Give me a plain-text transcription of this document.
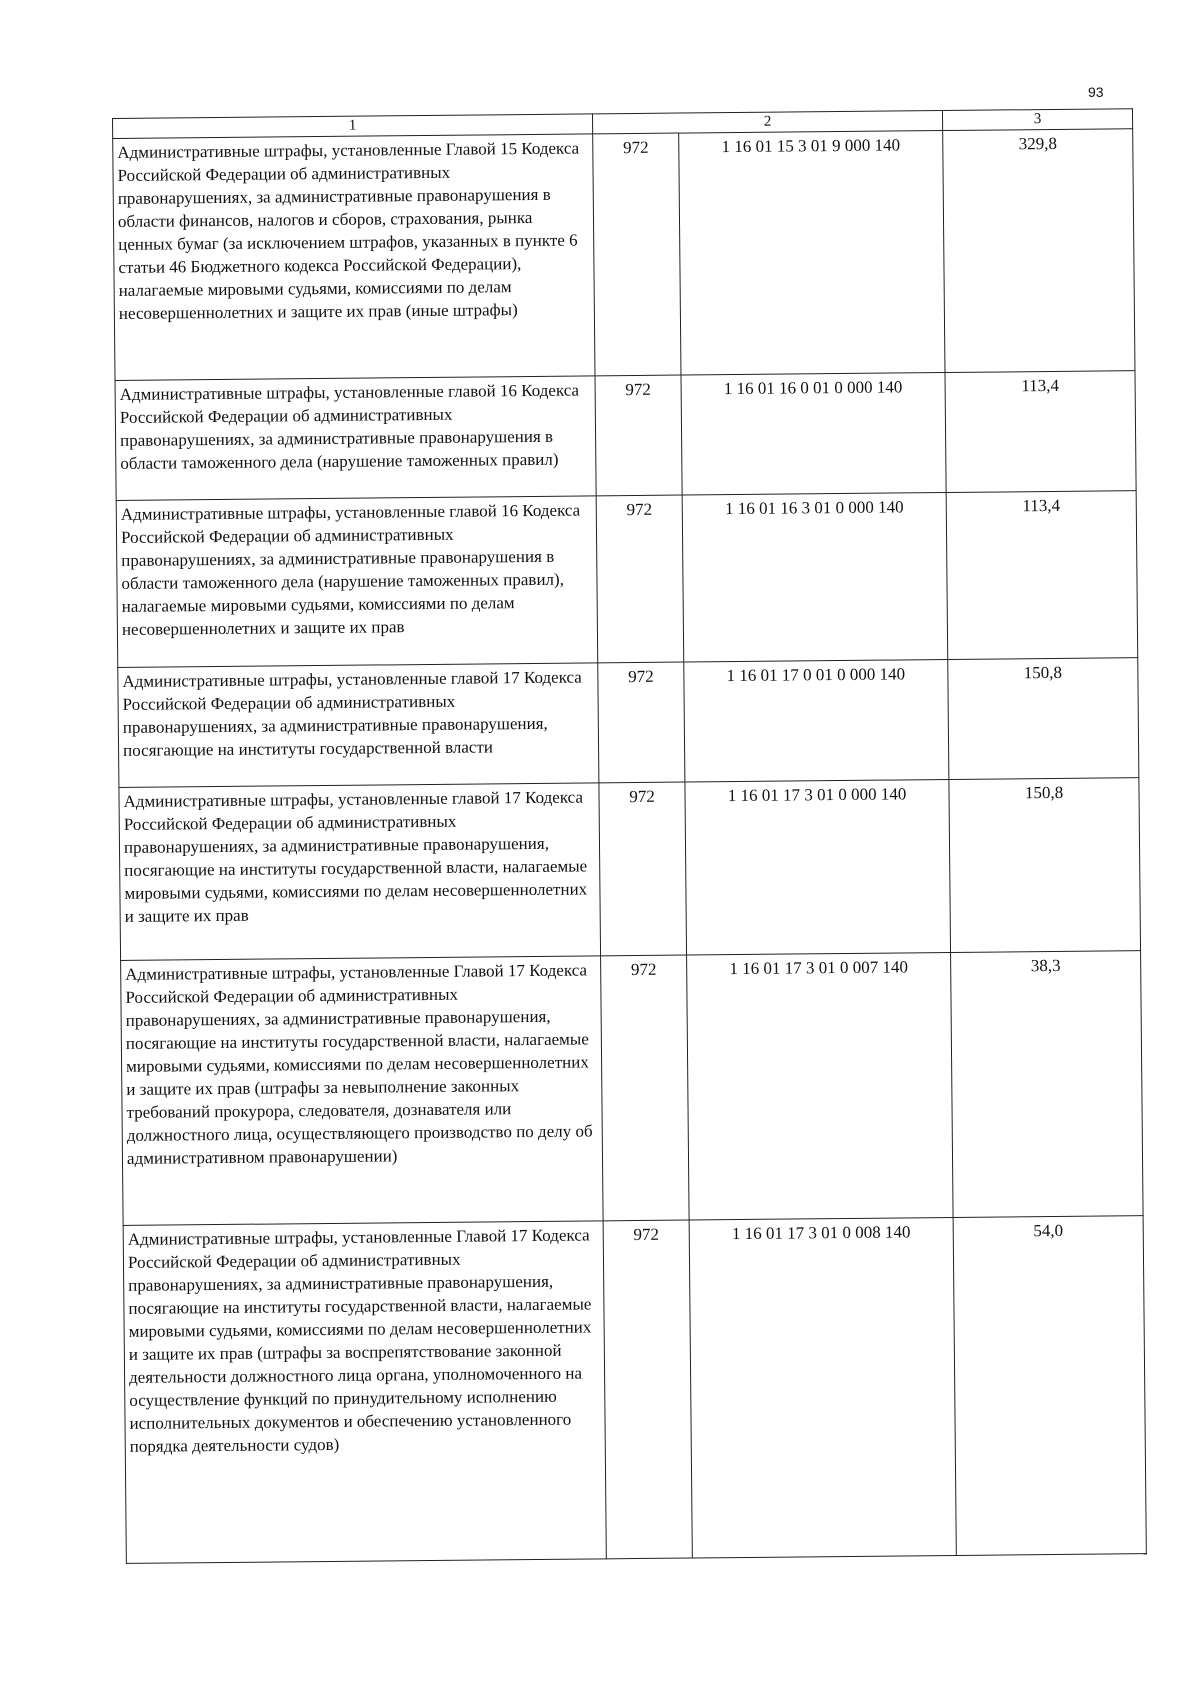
93
1	2		3
Административные штрафы, установленные Главой 15 Кодекса Российской Федерации об административных правонарушениях, за административные правонарушения в области финансов, налогов и сборов, страхования, рынка ценных бумаг (за исключением штрафов, указанных в пункте 6 статьи 46 Бюджетного кодекса Российской Федерации), налагаемые мировыми судьями, комиссиями по делам несовершеннолетних и защите их прав (иные штрафы)	972	1 16 01 15 3 01 9 000 140	329,8
Административные штрафы, установленные главой 16 Кодекса Российской Федерации об административных правонарушениях, за административные правонарушения в области таможенного дела (нарушение таможенных правил)	972	1 16 01 16 0 01 0 000 140	113,4
Административные штрафы, установленные главой 16 Кодекса Российской Федерации об административных правонарушениях, за административные правонарушения в области таможенного дела (нарушение таможенных правил), налагаемые мировыми судьями, комиссиями по делам несовершеннолетних и защите их прав	972	1 16 01 16 3 01 0 000 140	113,4
Административные штрафы, установленные главой 17 Кодекса Российской Федерации об административных правонарушениях, за административные правонарушения, посягающие на институты государственной власти	972	1 16 01 17 0 01 0 000 140	150,8
Административные штрафы, установленные главой 17 Кодекса Российской Федерации об административных правонарушениях, за административные правонарушения, посягающие на институты государственной власти, налагаемые мировыми судьями, комиссиями по делам несовершеннолетних и защите их прав	972	1 16 01 17 3 01 0 000 140	150,8
Административные штрафы, установленные Главой 17 Кодекса Российской Федерации об административных правонарушениях, за административные правонарушения, посягающие на институты государственной власти, налагаемые мировыми судьями, комиссиями по делам несовершеннолетних и защите их прав (штрафы за невыполнение законных требований прокурора, следователя, дознавателя или должностного лица, осуществляющего производство по делу об административном правонарушении)	972	1 16 01 17 3 01 0 007 140	38,3
Административные штрафы, установленные Главой 17 Кодекса Российской Федерации об административных правонарушениях, за административные правонарушения, посягающие на институты государственной власти, налагаемые мировыми судьями, комиссиями по делам несовершеннолетних и защите их прав (штрафы за воспрепятствование законной деятельности должностного лица органа, уполномоченного на осуществление функций по принудительному исполнению исполнительных документов и обеспечению установленного порядка деятельности судов)	972	1 16 01 17 3 01 0 008 140	54,0
